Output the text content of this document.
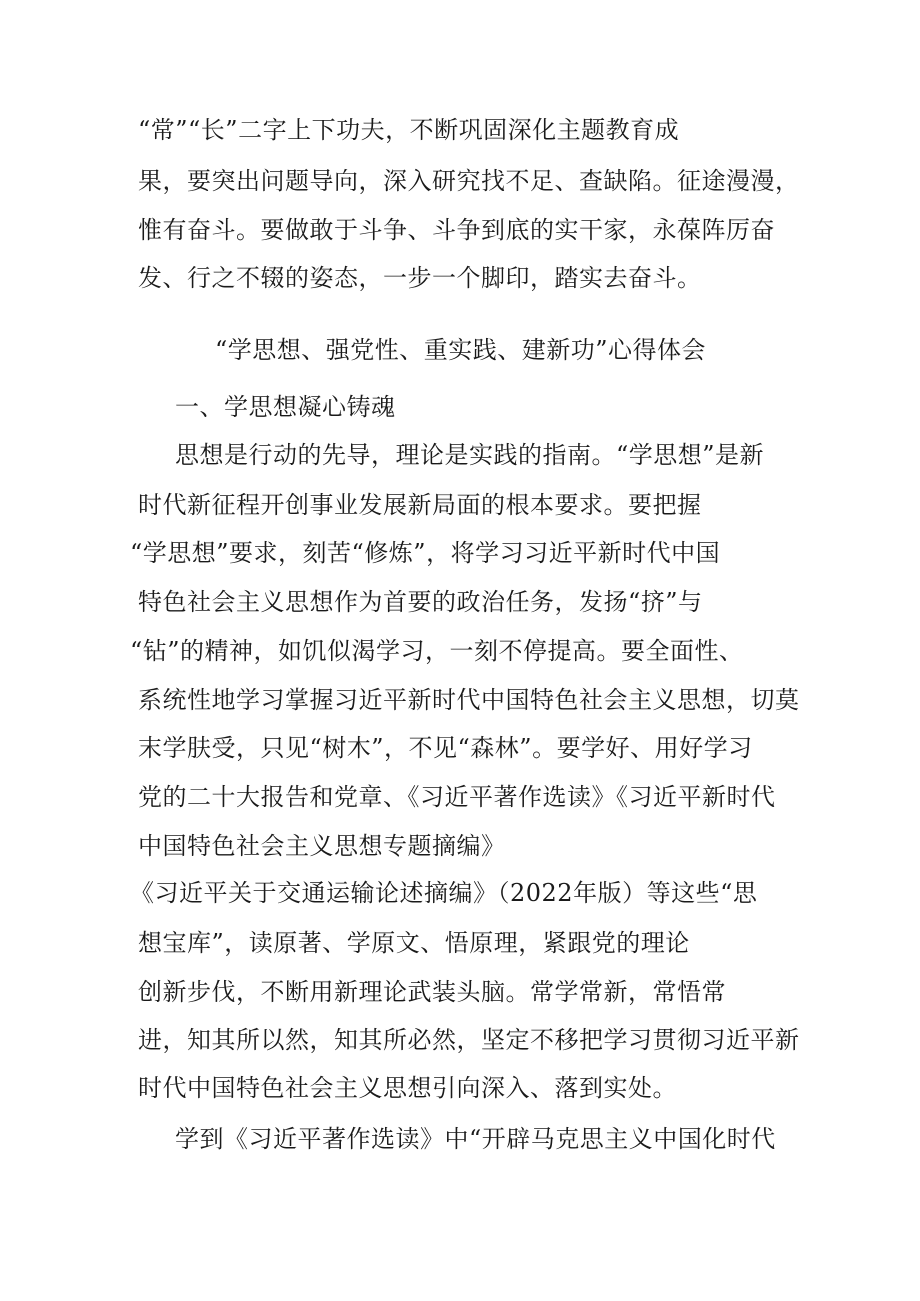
“常”“长”二字上下功夫，不断巩固深化主题教育成
果，要突出问题导向，深入研究找不足、查缺陷。征途漫漫，
惟有奋斗。要做敢于斗争、斗争到底的实干家，永葆阵厉奋
发、行之不辍的姿态，一步一个脚印，踏实去奋斗。
“学思想、强党性、重实践、建新功”心得体会
一、学思想凝心铸魂
思想是行动的先导，理论是实践的指南。“学思想”是新
时代新征程开创事业发展新局面的根本要求。要把握
“学思想”要求，刻苦“修炼”，将学习习近平新时代中国
特色社会主义思想作为首要的政治任务，发扬“挤”与
“钻”的精神，如饥似渴学习，一刻不停提高。要全面性、
系统性地学习掌握习近平新时代中国特色社会主义思想，切莫
末学肤受，只见“树木”，不见“森林”。要学好、用好学习
党的二十大报告和党章、《习近平著作选读》《习近平新时代
中国特色社会主义思想专题摘编》
《习近平关于交通运输论述摘编》（2022年版）等这些“思
想宝库”，读原著、学原文、悟原理，紧跟党的理论
创新步伐，不断用新理论武装头脑。常学常新，常悟常
进，知其所以然，知其所必然，坚定不移把学习贯彻习近平新
时代中国特色社会主义思想引向深入、落到实处。
学到《习近平著作选读》中“开辟马克思主义中国化时代
